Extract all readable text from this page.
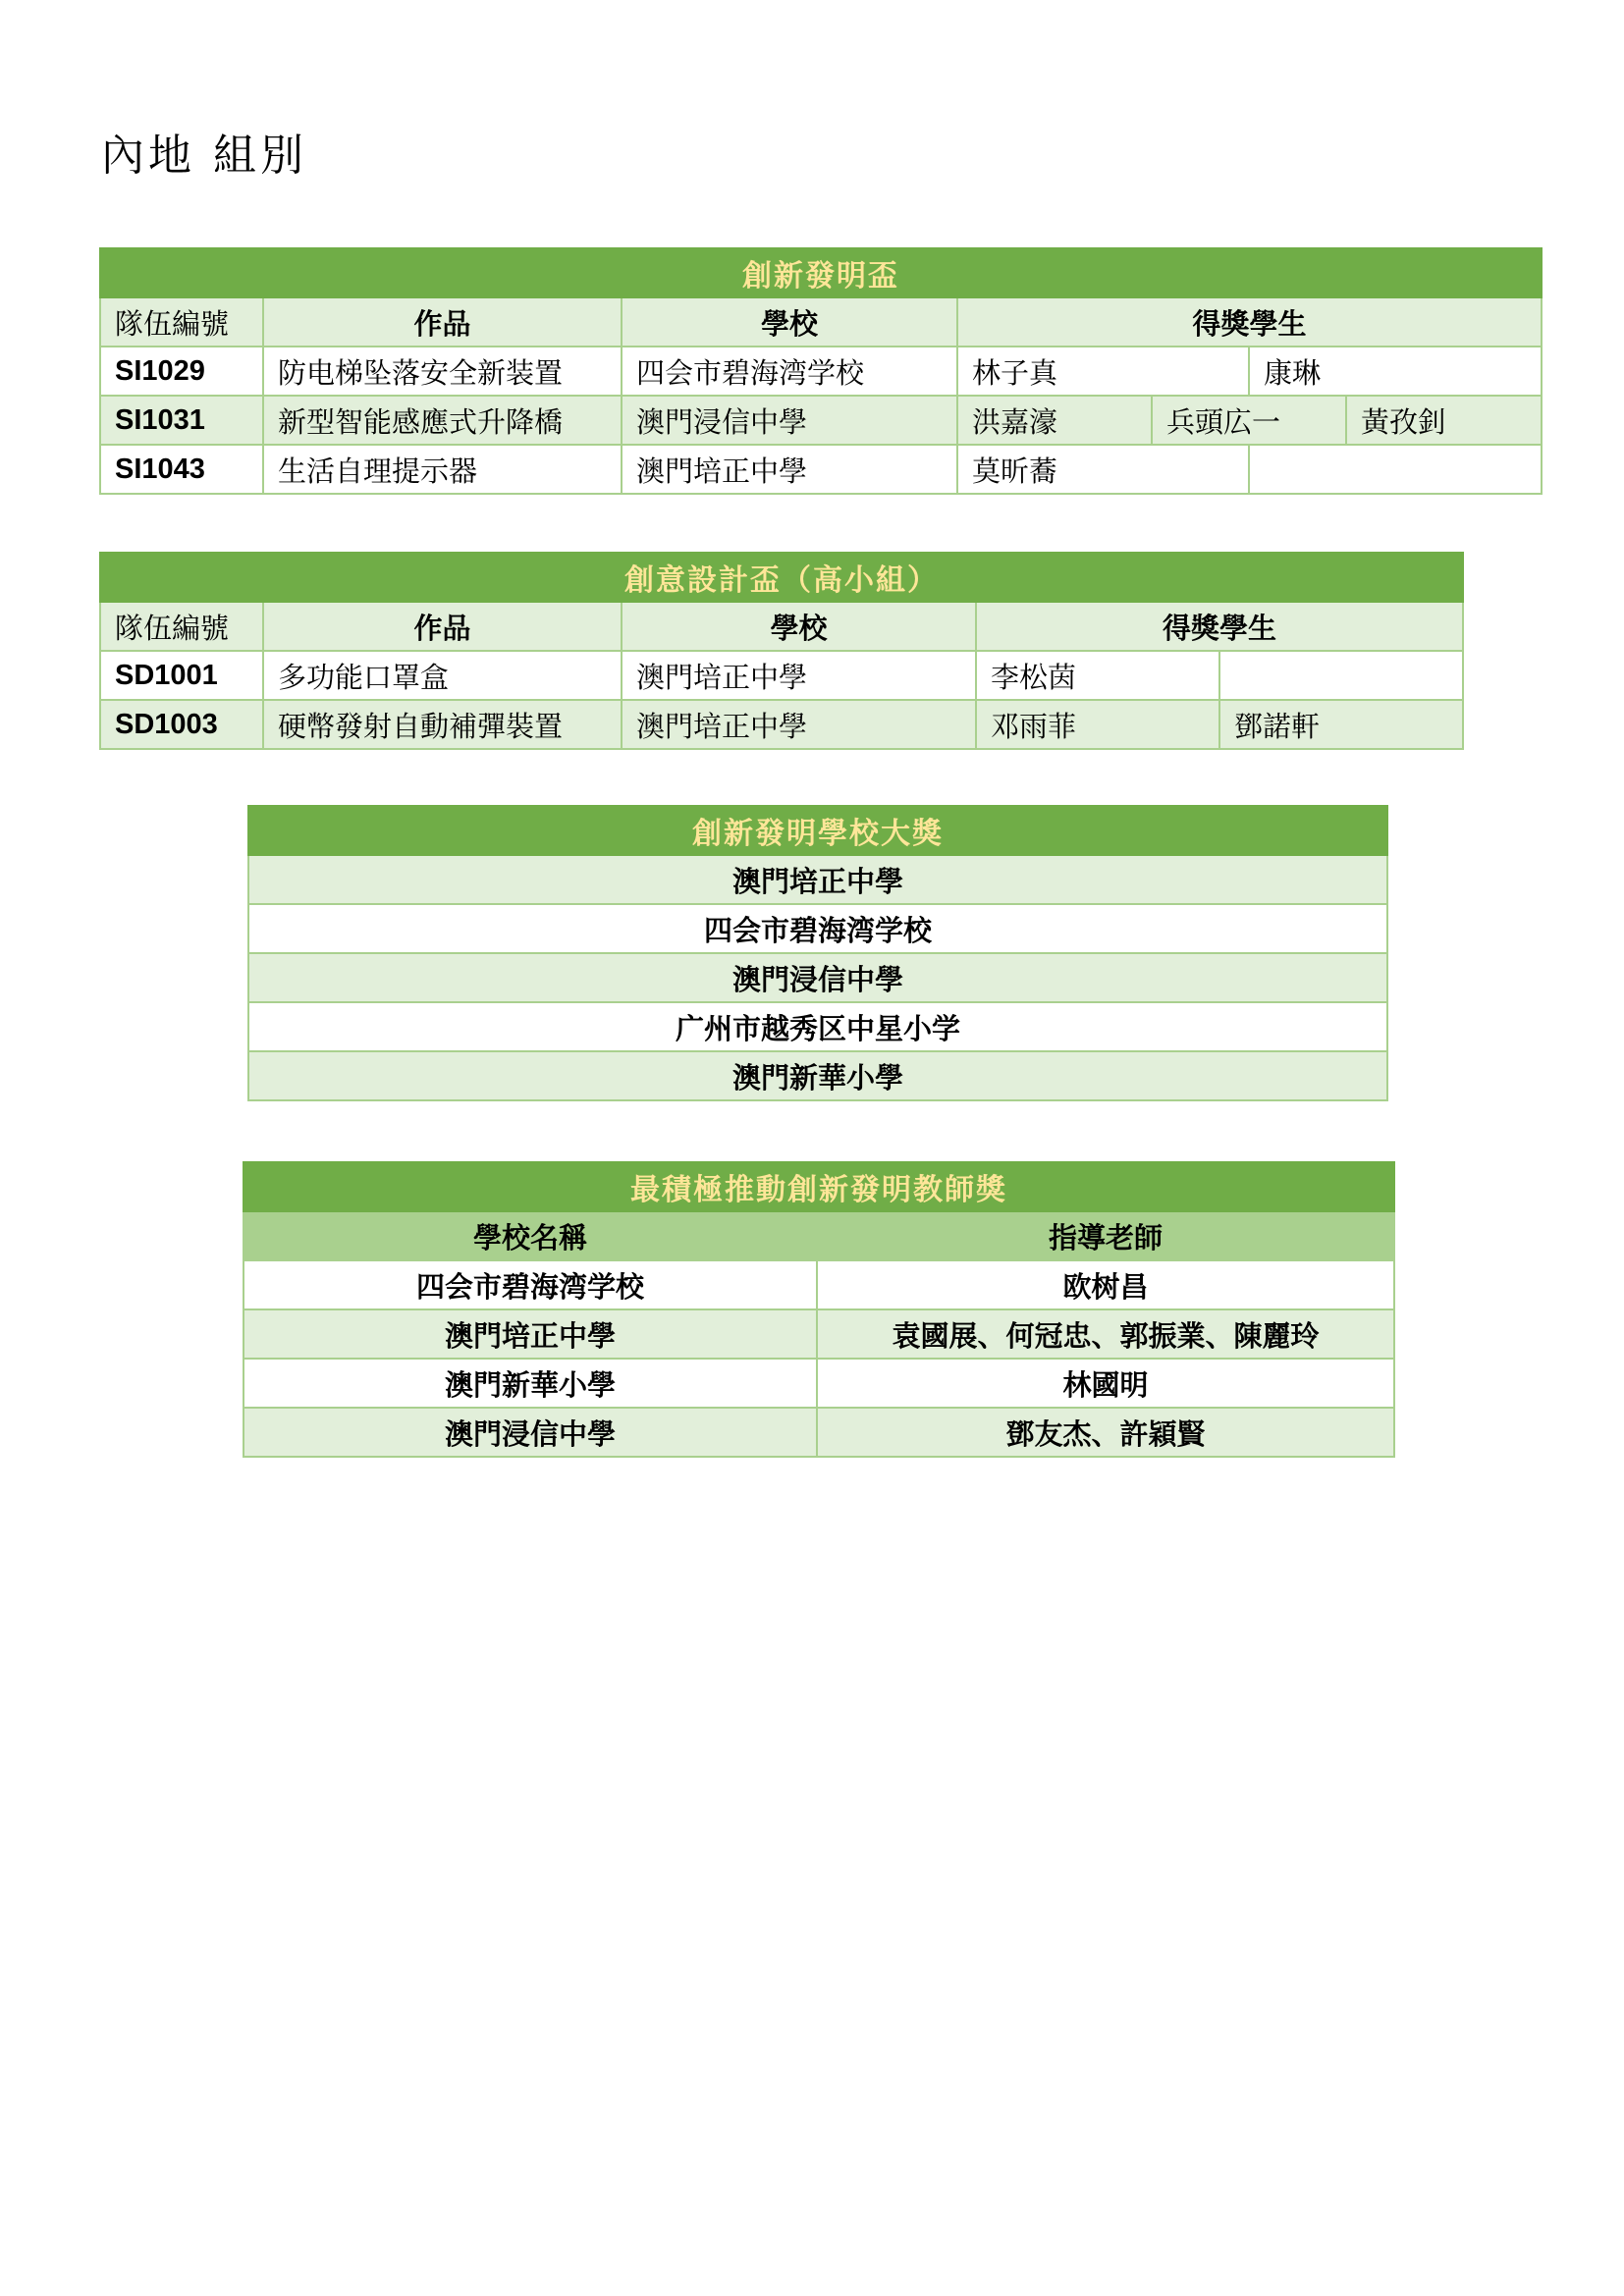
內地 組別
創新發明盃						
隊伍編號	作品	學校	得獎學生			
SI1029	防电梯坠落安全新装置	四会市碧海湾学校	林子真		康琳	
SI1031	新型智能感應式升降橋	澳門浸信中學	洪嘉濠	兵頭広一		黃孜釗
SI1043	生活自理提示器	澳門培正中學	莫昕蕎			
創意設計盃（高小組）				
隊伍編號	作品	學校	得獎學生	
SD1001	多功能口罩盒	澳門培正中學	李松茵	
SD1003	硬幣發射自動補彈裝置	澳門培正中學	邓雨菲	鄧諾軒
創新發明學校大獎
澳門培正中學
四会市碧海湾学校
澳門浸信中學
广州市越秀区中星小学
澳門新華小學
最積極推動創新發明教師獎	
學校名稱	指導老師
四会市碧海湾学校	欧树昌
澳門培正中學	袁國展、何冠忠、郭振業、陳麗玲
澳門新華小學	林國明
澳門浸信中學	鄧友杰、許穎賢
